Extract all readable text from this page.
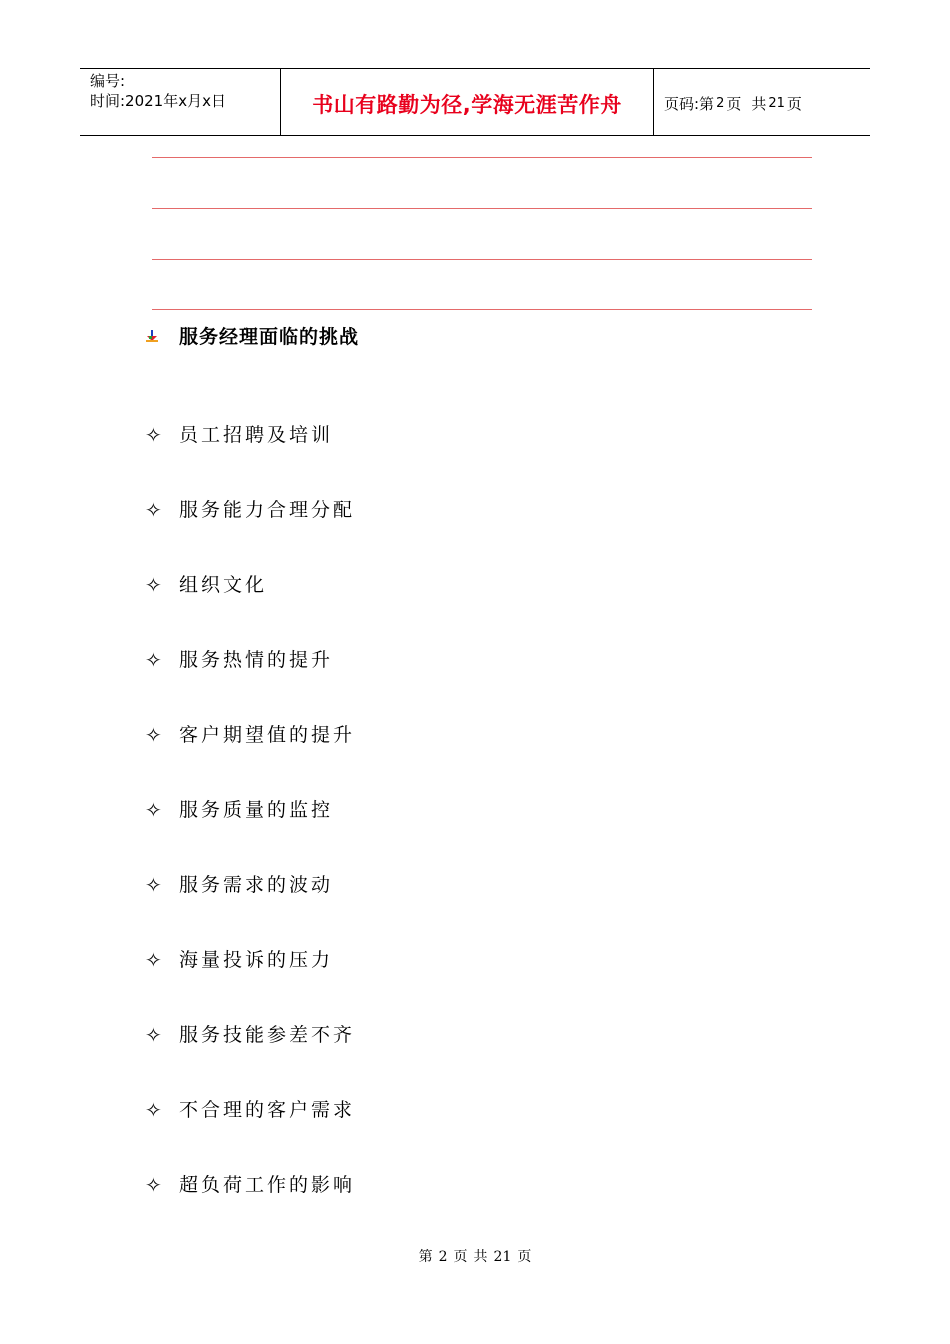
编号:
时间:2021年x月x日	书山有路勤为径,学海无涯苦作舟	页码:第 2 页 共 21 页
服务经理面临的挑战
✧ 员工招聘及培训
✧ 服务能力合理分配
✧ 组织文化
✧ 服务热情的提升
✧ 客户期望值的提升
✧ 服务质量的监控
✧ 服务需求的波动
✧ 海量投诉的压力
✧ 服务技能参差不齐
✧ 不合理的客户需求
✧ 超负荷工作的影响
第 2 页 共 21 页
